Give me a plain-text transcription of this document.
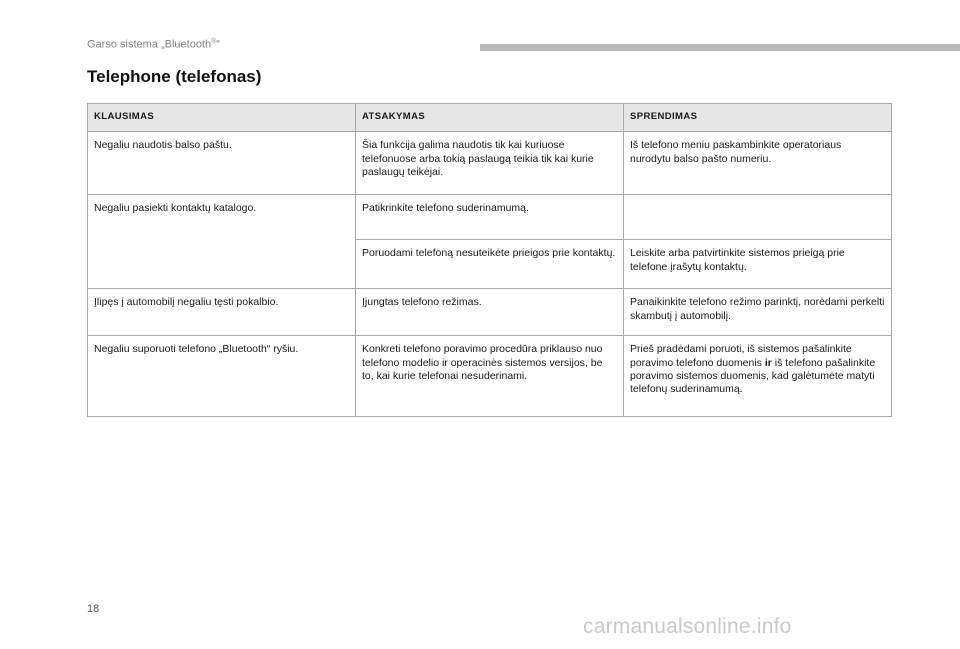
Garso sistema „Bluetooth®“
Telephone (telefonas)
KLAUSIMAS	ATSAKYMAS	SPRENDIMAS
Negaliu naudotis balso paštu.	Šia funkcija galima naudotis tik kai kuriuose telefonuose arba tokią paslaugą teikia tik kai kurie paslaugų teikėjai.	Iš telefono meniu paskambinkite operatoriaus nurodytu balso pašto numeriu.
Negaliu pasiekti kontaktų katalogo.	Patikrinkite telefono suderinamumą.	
	Poruodami telefoną nesuteikėte prieigos prie kontaktų.	Leiskite arba patvirtinkite sistemos prieigą prie telefone įrašytų kontaktų.
Įlipęs į automobilį negaliu tęsti pokalbio.	Įjungtas telefono režimas.	Panaikinkite telefono režimo parinktį, norėdami perkelti skambutį į automobilį.
Negaliu suporuoti telefono „Bluetooth“ ryšiu.	Konkreti telefono poravimo procedūra priklauso nuo telefono modelio ir operacinės sistemos versijos, be to, kai kurie telefonai nesuderinami.	Prieš pradėdami poruoti, iš sistemos pašalinkite poravimo telefono duomenis ir iš telefono pašalinkite poravimo sistemos duomenis, kad galėtumėte matyti telefonų suderinamumą.
18
carmanualsonline.info
